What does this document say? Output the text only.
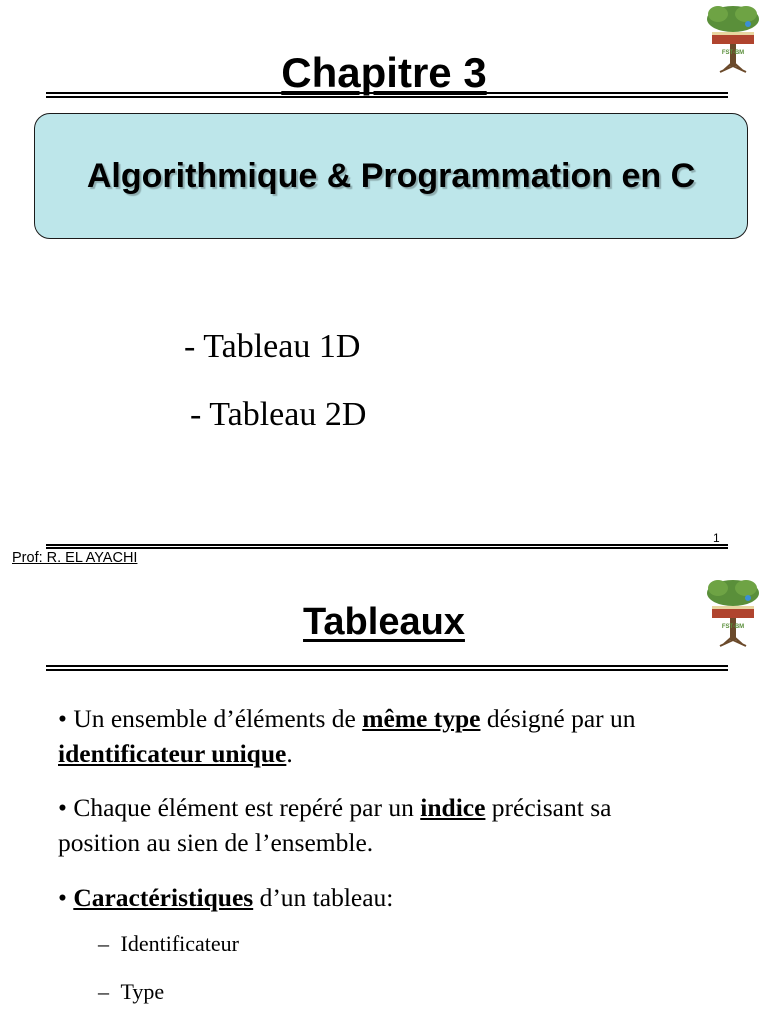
FST-BM
Chapitre 3
Algorithmique & Programmation en C
- Tableau 1D
- Tableau 2D
1
Prof: R. EL AYACHI
FST-BM
Tableaux
• Un ensemble d’éléments de même type désigné par un identificateur unique.
• Chaque élément est repéré par un indice précisant sa position au sien de l’ensemble.
• Caractéristiques d’un tableau:
– Identificateur
– Type
